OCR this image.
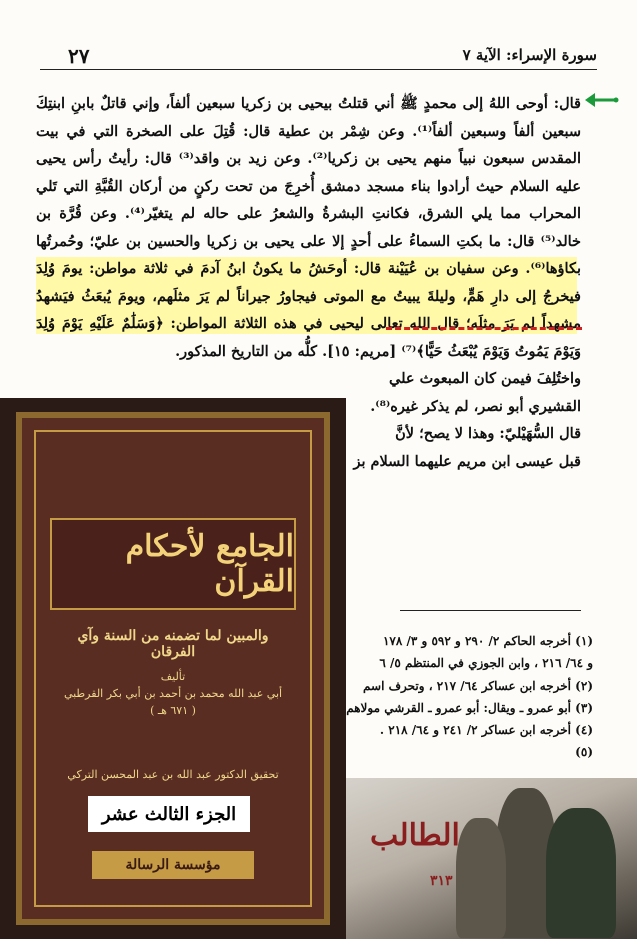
٢٧	سورة الإسراء: الآية ٧

قال: أوحى اللهُ إلى محمدٍ ﷺ أني قتلتُ بيحيى بن زكريا سبعين ألفاً، وإني قاتلٌ بابنِ ابنتِكَ سبعين ألفاً وسبعين ألفاً⁽¹⁾. وعن شِمْر بن عطية قال: قُتِلَ على الصخرة التي في بيت المقدس سبعون نبياً منهم يحيى بن زكريا⁽²⁾. وعن زيد بن واقد⁽³⁾ قال: رأيتُ رأس يحيى عليه السلام حيث أرادوا بناء مسجد دمشق أُخرِجَ من تحت ركنٍ من أركان القُبَّةِ التي تَلي المحراب مما يلي الشرق، فكانتِ البشرةُ والشعرُ على حاله لم يتغيّر⁽⁴⁾. وعن قُرَّة بن خالد⁽⁵⁾ قال: ما بكتِ السماءُ على أحدٍ إلا على يحيى بن زكريا والحسين بن عليّ؛ وحُمرتُها بكاؤها⁽⁶⁾. وعن سفيان بن عُيَيْنة قال: أوحَشُ ما يكونُ ابنُ آدمَ في ثلاثة مواطن: يومَ وُلِدَ فيخرجُ إلى دارِ هَمٍّ، وليلةَ يبيتُ مع الموتى فيجاورُ جيراناً لم يَرَ مثلَهم، ويومَ يُبعَثُ فيَشهدُ مشهداً لم يَرَ مثلَه؛ قال الله تعالى ليحيى في هذه الثلاثة المواطن: ﴿وَسَلَٰمٌ عَلَيْهِ يَوْمَ وُلِدَ وَيَوْمَ يَمُوتُ وَيَوْمَ يُبْعَثُ حَيًّا﴾⁽⁷⁾ [مريم: ١٥]. كلُّه من التاريخ المذكور.

واختُلِفَ فيمن كان المبعوث علي

القشيري أبو نصر، لم يذكر غيره⁽⁸⁾.

قال السُّهَيْليّ: وهذا لا يصح؛ لأنَّ

قبل عيسى ابن مريم عليهما السلام بز

(١) أخرجه الحاكم ٢/ ٢٩٠ و ٥٩٢ و ٣/ ١٧٨
و ٦٤/ ٢١٦ ، وابن الجوزي في المنتظم ٥/ ٦
(٢) أخرجه ابن عساكر ٦٤/ ٢١٧ ، وتحرف اسم
(٣) أبو عمرو ـ ويقال: أبو عمرو ـ القرشي مولاهم
(٤) أخرجه ابن عساكر ٢/ ٢٤١ و ٦٤/ ٢١٨ .
(٥)
الجامع لأحكام القرآن
والمبين لما تضمنه من السنة وآي الفرقان
تأليف
أبي عبد الله محمد بن أحمد بن أبي بكر القرطبي
( ٦٧١ هـ )
تحقيق الدكتور عبد الله بن عبد المحسن التركي
مؤسسة الرسالة
الجزء الثالث عشر
الطالب
٣١٣
